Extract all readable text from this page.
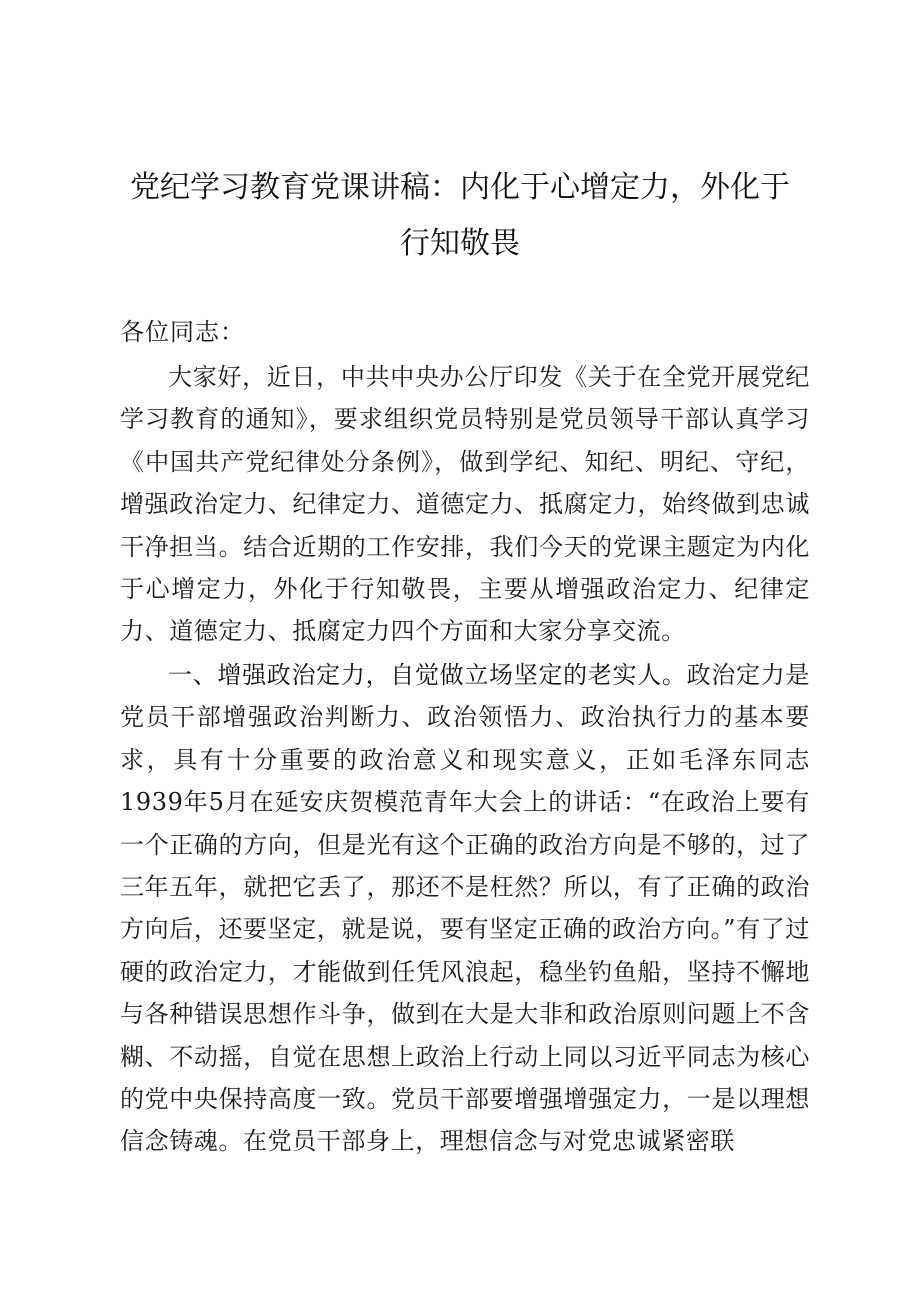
党纪学习教育党课讲稿：内化于心增定力，外化于行知敬畏
各位同志：
大家好，近日，中共中央办公厅印发《关于在全党开展党纪学习教育的通知》，要求组织党员特别是党员领导干部认真学习《中国共产党纪律处分条例》，做到学纪、知纪、明纪、守纪，增强政治定力、纪律定力、道德定力、抵腐定力，始终做到忠诚干净担当。结合近期的工作安排，我们今天的党课主题定为内化于心增定力，外化于行知敬畏，主要从增强政治定力、纪律定力、道德定力、抵腐定力四个方面和大家分享交流。
一、增强政治定力，自觉做立场坚定的老实人。政治定力是党员干部增强政治判断力、政治领悟力、政治执行力的基本要求，具有十分重要的政治意义和现实意义，正如毛泽东同志1939年5月在延安庆贺模范青年大会上的讲话：“在政治上要有一个正确的方向，但是光有这个正确的政治方向是不够的，过了三年五年，就把它丢了，那还不是枉然？所以，有了正确的政治方向后，还要坚定，就是说，要有坚定正确的政治方向。”有了过硬的政治定力，才能做到任凭风浪起，稳坐钓鱼船，坚持不懈地与各种错误思想作斗争，做到在大是大非和政治原则问题上不含糊、不动摇，自觉在思想上政治上行动上同以习近平同志为核心的党中央保持高度一致。党员干部要增强增强定力，一是以理想信念铸魂。在党员干部身上，理想信念与对党忠诚紧密联
